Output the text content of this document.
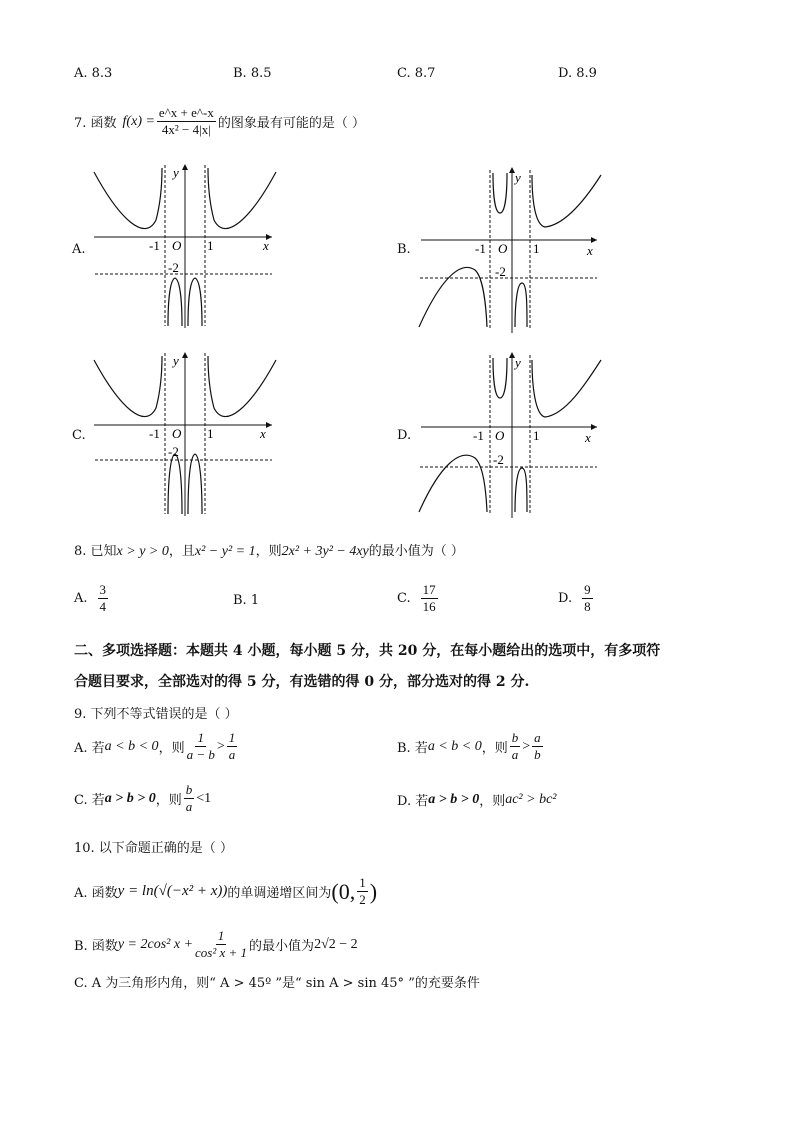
A. 8.3	B. 8.5	C. 8.7	D. 8.9
7. 函数 $f(x) = \frac{e\^{}x + e\^{}-x}{\text{4x² − 4|x|}}$ 的图象最有可能的是（ ）
A.	B.
C.	D.
y
x
O
-1	1
-2
y
x
O
-1	1
-2
y
x
O
-1	1
-2
y
x
O
-1	1
-2
8. 已知x > y > 0，且x² − y² = 1，则2x² + 3y² − 4xy的最小值为（ ）
A. $\frac{3}{4}$	B. 1	C. $\frac{17}{16}$	D. $\frac{9}{8}$
二、多项选择题：本题共 4 小题，每小题 5 分，共 20 分，在每小题给出的选项中，有多项符
合题目要求，全部选对的得 5 分，有选错的得 0 分，部分选对的得 2 分.
9. 下列不等式错误的是（ ）
A. 若 a < b < 0 ，则 $\frac{1}{a - b} > \frac{1}{a}$	B. 若 a < b < 0 ，则 $\frac{b}{a} > \frac{a}{b}$
C. 若 a > b > 0 ，则 $\frac{b}{a} <1$	D. 若 a > b > 0 ，则 ac² > bc²
10. 以下命题正确的是（ ）
A. 函数 y = ln(√(−x² + x)) 的单调递增区间为 (0, $\frac{1}{2}$ )
B. 函数 y = 2cos² $x + \frac{1}{\text{cos² x + 1}}$ 的最小值为 2√2 − 2
C. A 为三角形内角，则“ A > 45º ”是“ sin A > sin 45° ”的充要条件
